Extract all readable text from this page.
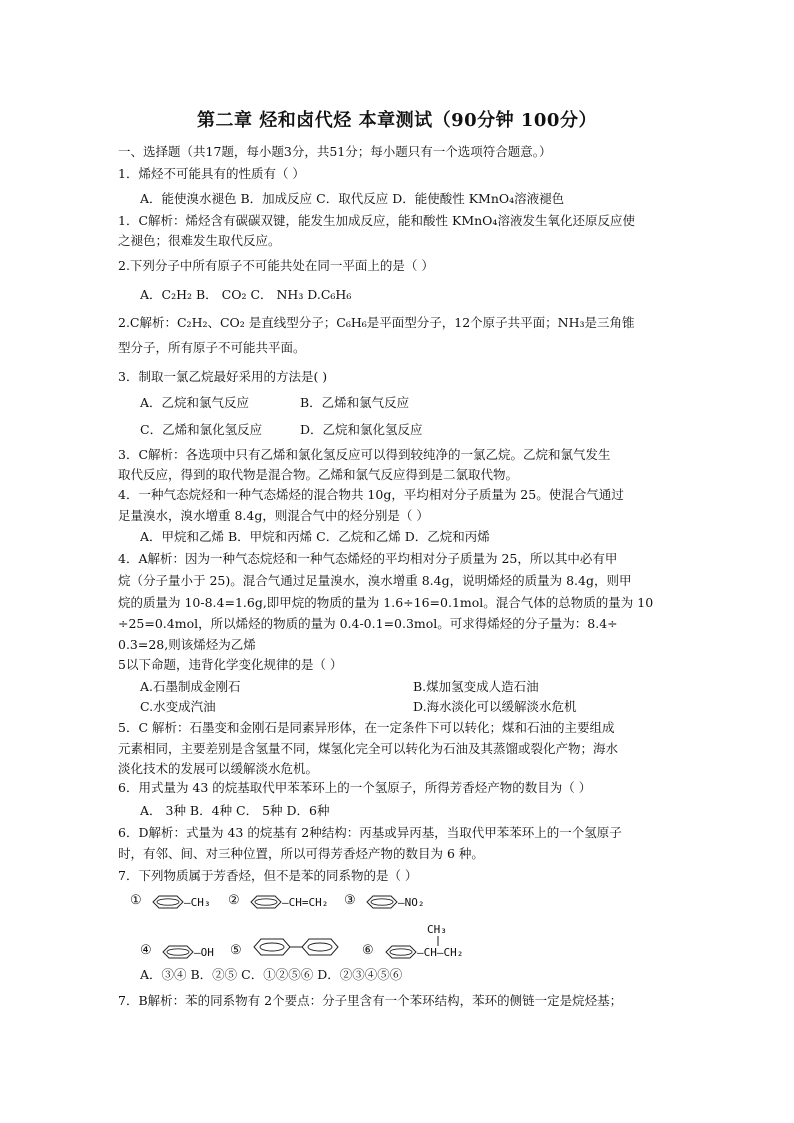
第二章 烃和卤代烃 本章测试（90分钟 100分）
一、选择题（共17题，每小题3分，共51分；每小题只有一个选项符合题意。）
1．烯烃不可能具有的性质有（ ）
A．能使溴水褪色 B．加成反应 C．取代反应 D．能使酸性 KMnO₄溶液褪色
1．C解析：烯烃含有碳碳双键，能发生加成反应，能和酸性 KMnO₄溶液发生氧化还原反应使
之褪色；很难发生取代反应。
2.下列分子中所有原子不可能共处在同一平面上的是（ ）
A．C₂H₂ B． CO₂ C． NH₃ D.C₆H₆
2.C解析：C₂H₂、CO₂ 是直线型分子；C₆H₆是平面型分子，12个原子共平面；NH₃是三角锥
型分子，所有原子不可能共平面。
3．制取一氯乙烷最好采用的方法是( )
A．乙烷和氯气反应	B．乙烯和氯气反应
C．乙烯和氯化氢反应	D．乙烷和氯化氢反应
3．C解析：各选项中只有乙烯和氯化氢反应可以得到较纯净的一氯乙烷。乙烷和氯气发生
取代反应，得到的取代物是混合物。乙烯和氯气反应得到是二氯取代物。
4．一种气态烷烃和一种气态烯烃的混合物共 10g，平均相对分子质量为 25。使混合气通过
足量溴水，溴水增重 8.4g，则混合气中的烃分别是（ ）
A．甲烷和乙烯 B．甲烷和丙烯 C．乙烷和乙烯 D．乙烷和丙烯
4．A解析：因为一种气态烷烃和一种气态烯烃的平均相对分子质量为 25，所以其中必有甲
烷（分子量小于 25)。混合气通过足量溴水，溴水增重 8.4g，说明烯烃的质量为 8.4g，则甲
烷的质量为 10-8.4=1.6g,即甲烷的物质的量为 1.6÷16=0.1mol。混合气体的总物质的量为 10
÷25=0.4mol，所以烯烃的物质的量为 0.4-0.1=0.3mol。可求得烯烃的分子量为：8.4÷
0.3=28,则该烯烃为乙烯
5以下命题，违背化学变化规律的是（ ）
A.石墨制成金刚石	B.煤加氢变成人造石油
C.水变成汽油	D.海水淡化可以缓解淡水危机
5．C 解析：石墨变和金刚石是同素异形体，在一定条件下可以转化；煤和石油的主要组成
元素相同，主要差别是含氢量不同，煤氢化完全可以转化为石油及其蒸馏或裂化产物；海水
淡化技术的发展可以缓解淡水危机。
6．用式量为 43 的烷基取代甲苯苯环上的一个氢原子，所得芳香烃产物的数目为（ ）
A． 3种 B．4种 C． 5种 D．6种
6．D解析：式量为 43 的烷基有 2种结构：丙基或异丙基，当取代甲苯苯环上的一个氢原子
时，有邻、间、对三种位置，所以可得芳香烃产物的数目为 6 种。
7．下列物质属于芳香烃，但不是苯的同系物的是（ ）
①	—CH₃ ②	—CH=CH₂ ③	—NO₂
④	—OH ⑤	⑥
CH₃
—CH—CH₂
A．③④ B．②⑤ C．①②⑤⑥ D．②③④⑤⑥
7．B解析：苯的同系物有 2个要点：分子里含有一个苯环结构，苯环的侧链一定是烷烃基；
